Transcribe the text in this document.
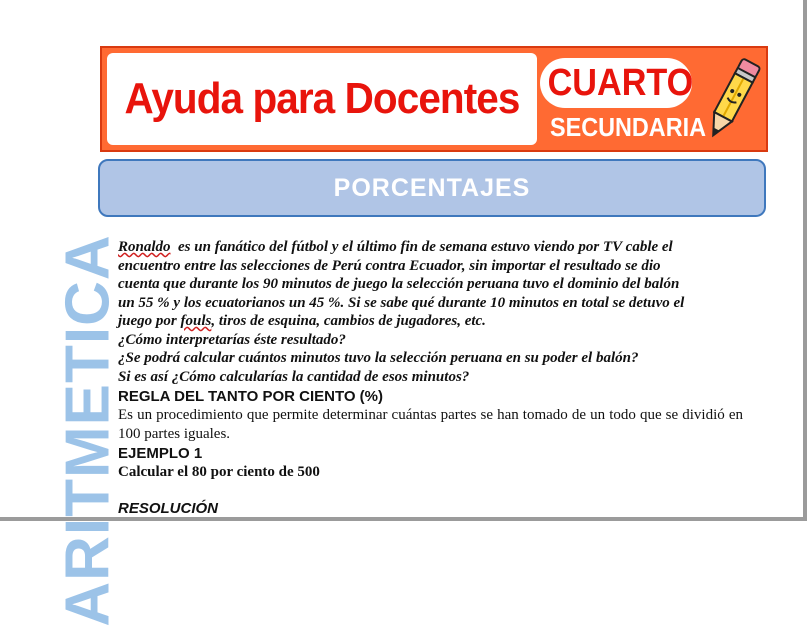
ARITMETICA
Ayuda para Docentes CUARTO
SECUNDARIA
PORCENTAJES

Ronaldo es un fanático del fútbol y el último fin de semana estuvo viendo por TV cable el
encuentro entre las selecciones de Perú contra Ecuador, sin importar el resultado se dio
cuenta que durante los 90 minutos de juego la selección peruana tuvo el dominio del balón
un 55 % y los ecuatorianos un 45 %. Si se sabe qué durante 10 minutos en total se detuvo el
juego por fouls, tiros de esquina, cambios de jugadores, etc.
¿Cómo interpretarías éste resultado?
¿Se podrá calcular cuántos minutos tuvo la selección peruana en su poder el balón?
Si es así ¿Cómo calcularías la cantidad de esos minutos?

REGLA DEL TANTO POR CIENTO (%)

Es un procedimiento que permite determinar cuántas partes se han tomado de un todo que se dividió en 100 partes iguales.

EJEMPLO 1

Calcular el 80 por ciento de 500

RESOLUCIÓN
